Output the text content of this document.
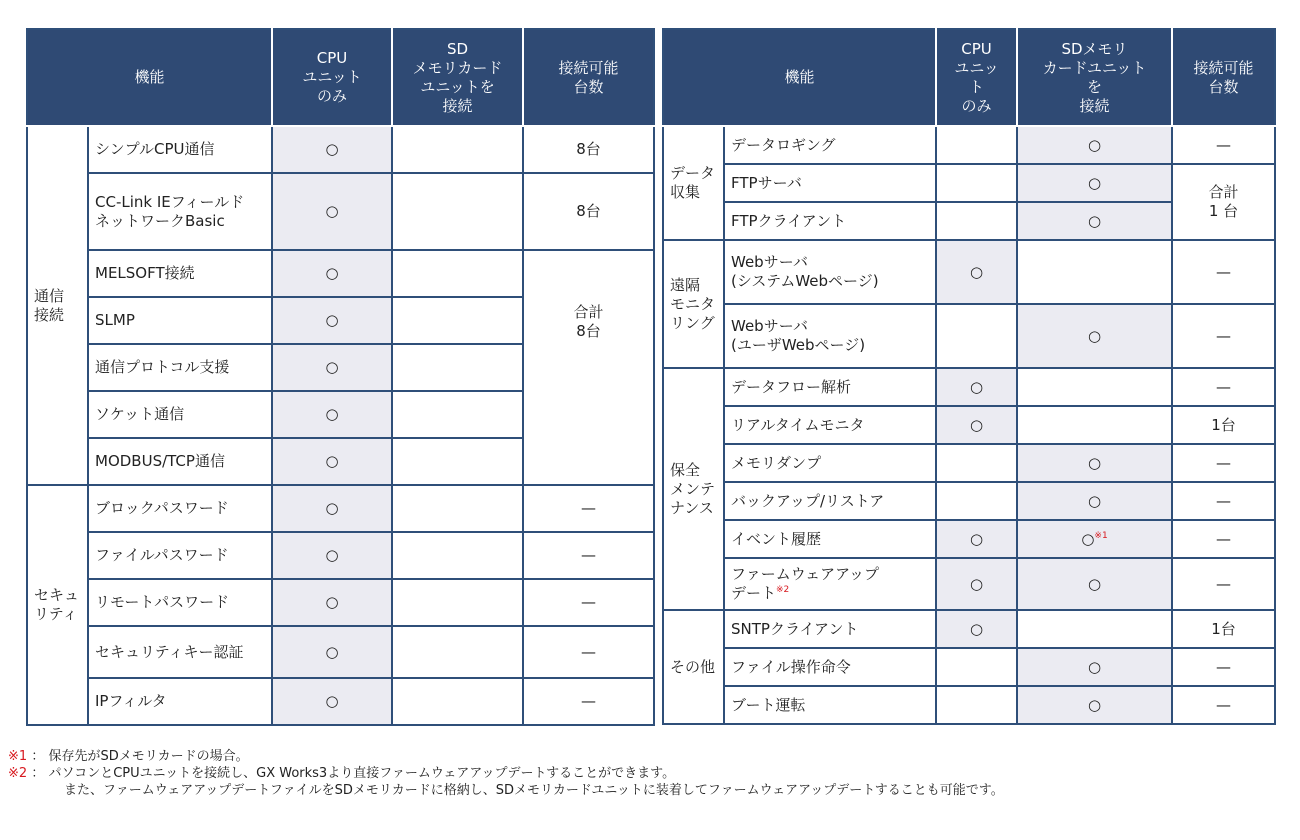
機能		CPU
ユニット
のみ	SD
メモリカード
ユニットを
接続	接続可能
台数
通信
接続	シンプルCPU通信	○		8台
	CC-Link IEフィールド
ネットワークBasic	○		8台
	MELSOFT接続	○		合計
8台
	SLMP	○		
	通信プロトコル支援	○		
	ソケット通信	○		
	MODBUS/TCP通信	○		
セキュ
リティ	ブロックパスワード	○		—
	ファイルパスワード	○		—
	リモートパスワード	○		—
	セキュリティキー認証	○		—
	IPフィルタ	○		—
機能		CPU
ユニッ
ト
のみ	SDメモリ
カードユニット
を
接続	接続可能
台数
データ
収集	データロギング		○	—
	FTPサーバ		○	合計
1 台
	FTPクライアント		○	
遠隔
モニタ
リング	Webサーバ
(システムWebページ)	○		—
	Webサーバ
(ユーザWebページ)		○	—
保全
メンテ
ナンス	データフロー解析	○		—
	リアルタイムモニタ	○		1台
	メモリダンプ		○	—
	バックアップ/リストア		○	—
	イベント履歴	○	○$^{※1}$	—
	ファームウェアアップ
デート$^{※2}$	○	○	—
その他	SNTPクライアント	○		1台
	ファイル操作命令		○	—
	ブート運転		○	—
※1 ： 保存先がSDメモリカードの場合。
※2 ： パソコンとCPUユニットを接続し、GX Works3より直接ファームウェアアップデートすることができます。
また、ファームウェアアップデートファイルをSDメモリカードに格納し、SDメモリカードユニットに装着してファームウェアアップデートすることも可能です。
